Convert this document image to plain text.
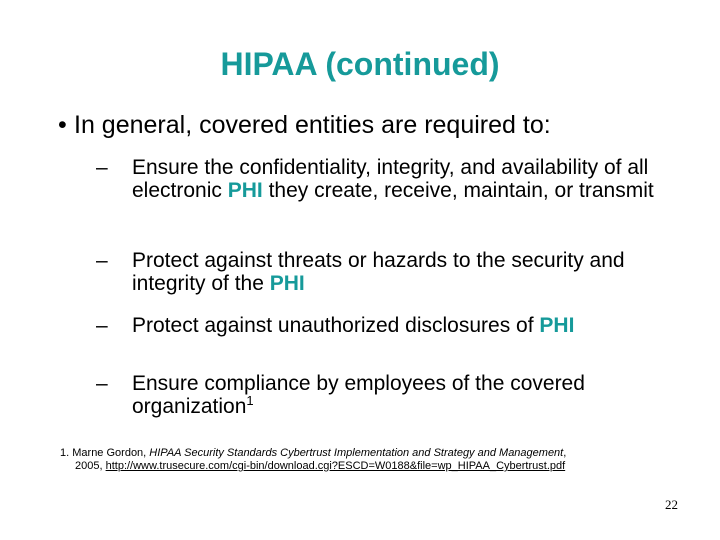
HIPAA (continued)
• In general, covered entities are required to:
–	Ensure the confidentiality, integrity, and availability of all electronic PHI they create, receive, maintain, or transmit
–	Protect against threats or hazards to the security and integrity of the PHI
–	Protect against unauthorized disclosures of PHI
–	Ensure compliance by employees of the covered organization$^1$
1. Marne Gordon, HIPAA Security Standards Cybertrust Implementation and Strategy and Management,
2005, http://www.trusecure.com/cgi-bin/download.cgi?ESCD=W0188&file=wp_HIPAA_Cybertrust.pdf
22
